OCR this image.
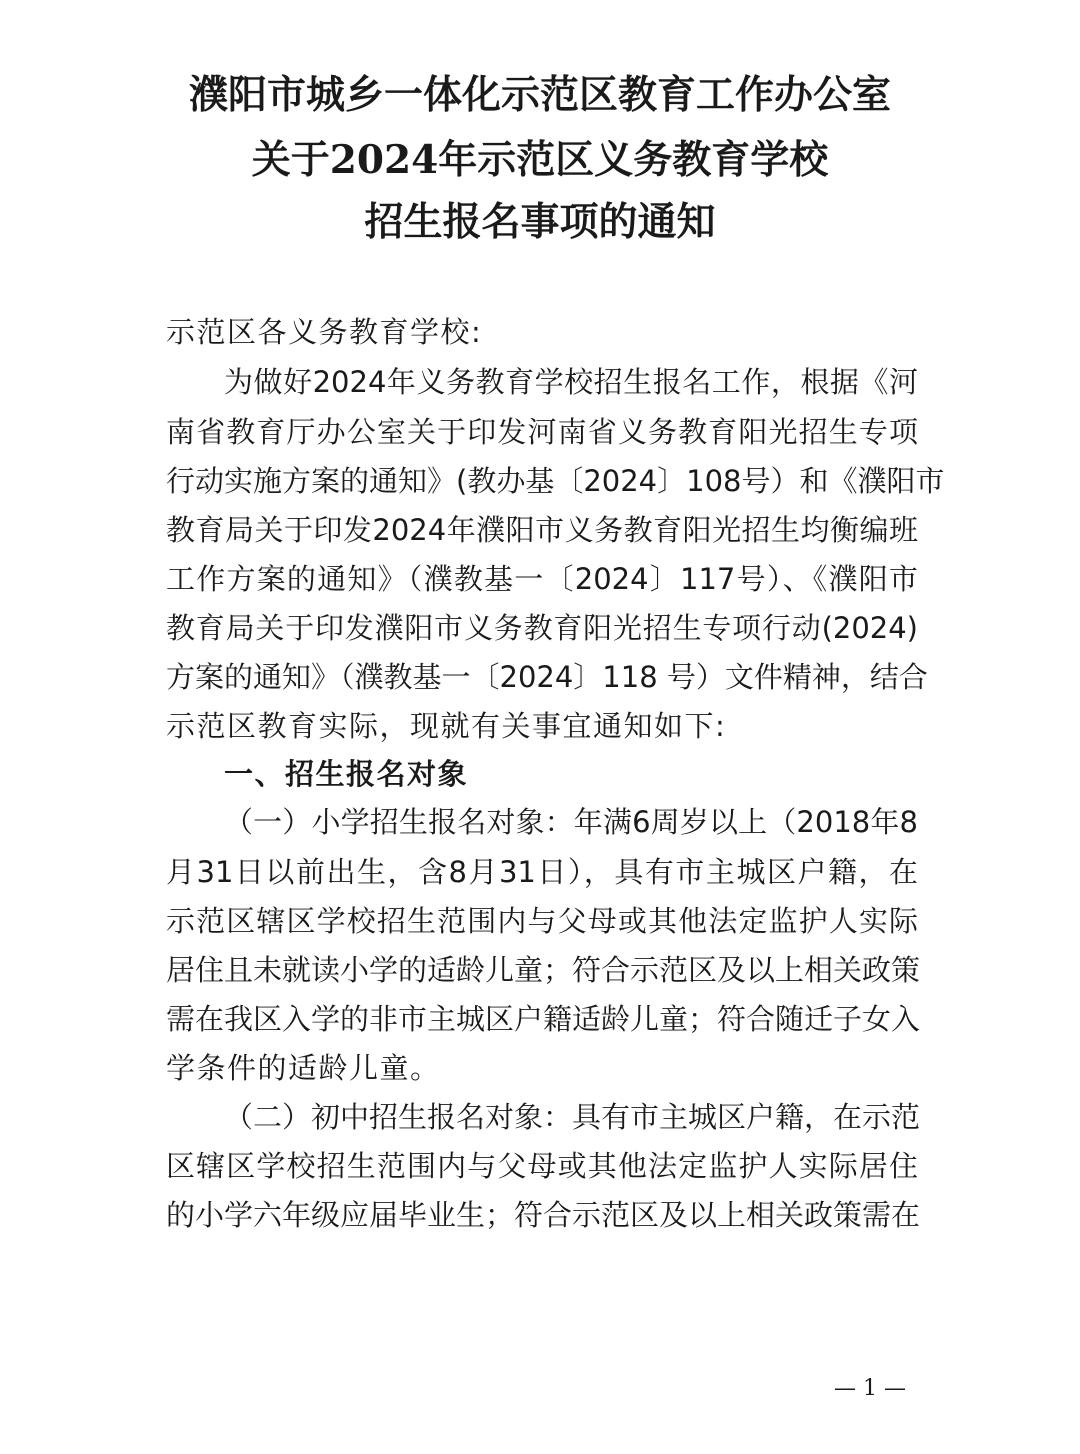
濮阳市城乡一体化示范区教育工作办公室
关于2024年示范区义务教育学校
招生报名事项的通知
示范区各义务教育学校:
为做好2024年义务教育学校招生报名工作，根据《河
南省教育厅办公室关于印发河南省义务教育阳光招生专项
行动实施方案的通知》(教办基〔2024〕108号）和《濮阳市
教育局关于印发2024年濮阳市义务教育阳光招生均衡编班
工作方案的通知》（濮教基一〔2024〕117号）、《濮阳市
教育局关于印发濮阳市义务教育阳光招生专项行动(2024)
方案的通知》（濮教基一〔2024〕118 号）文件精神，结合
示范区教育实际，现就有关事宜通知如下:
一、招生报名对象
（一）小学招生报名对象：年满6周岁以上（2018年8
月31日以前出生，含8月31日），具有市主城区户籍，在
示范区辖区学校招生范围内与父母或其他法定监护人实际
居住且未就读小学的适龄儿童；符合示范区及以上相关政策
需在我区入学的非市主城区户籍适龄儿童；符合随迁子女入
学条件的适龄儿童。
（二）初中招生报名对象：具有市主城区户籍，在示范
区辖区学校招生范围内与父母或其他法定监护人实际居住
的小学六年级应届毕业生；符合示范区及以上相关政策需在
— 1 —
